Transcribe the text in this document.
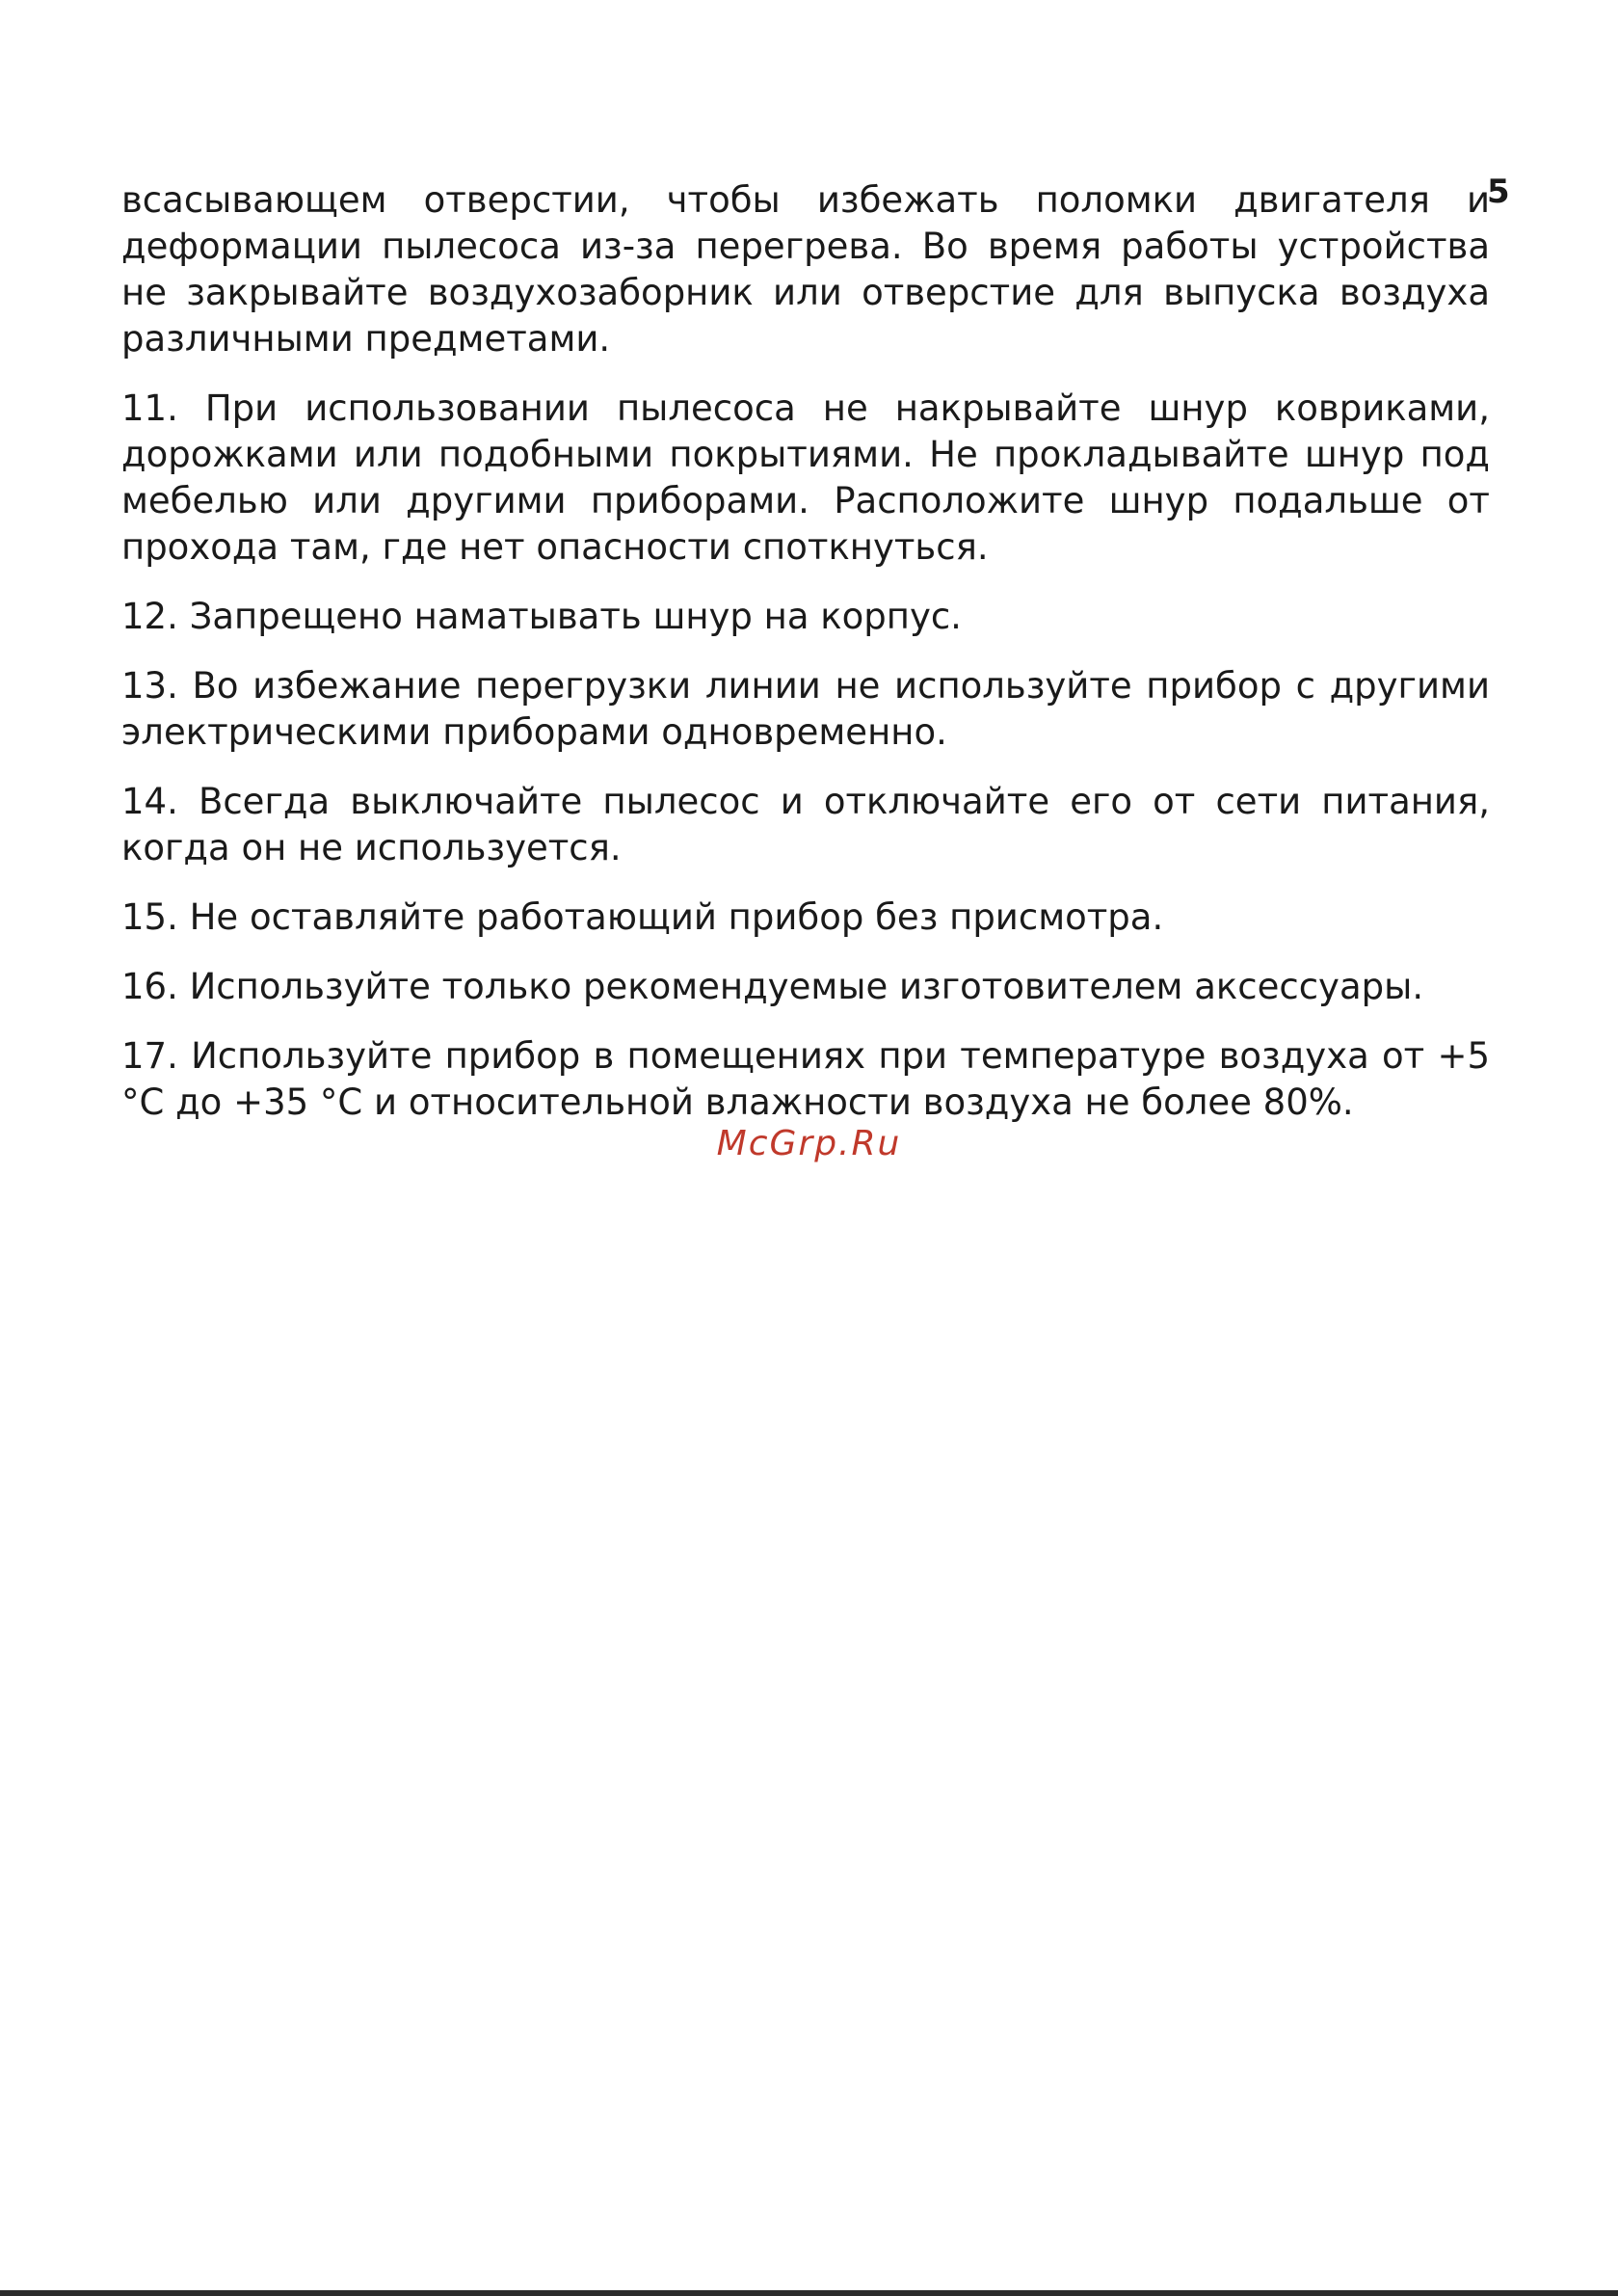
5

всасывающем отверстии, чтобы избежать поломки двигателя и деформации пылесоса из-за перегрева. Во время работы устройства не закрывайте воздухозаборник или отверстие для выпуска воздуха различными предметами.

11. При использовании пылесоса не накрывайте шнур ковриками, дорожками или подобными покрытиями. Не прокладывайте шнур под мебелью или другими приборами. Расположите шнур подальше от прохода там, где нет опасности споткнуться.

12. Запрещено наматывать шнур на корпус.

13. Во избежание перегрузки линии не используйте прибор с другими электрическими приборами одновременно.

14. Всегда выключайте пылесос и отключайте его от сети питания, когда он не используется.

15. Не оставляйте работающий прибор без присмотра.

16. Используйте только рекомендуемые изготовителем аксессуары.

17. Используйте прибор в помещениях при температуре воздуха от +5 °С до +35 °С и относительной влажности воздуха не более 80%.

McGrp.Ru
